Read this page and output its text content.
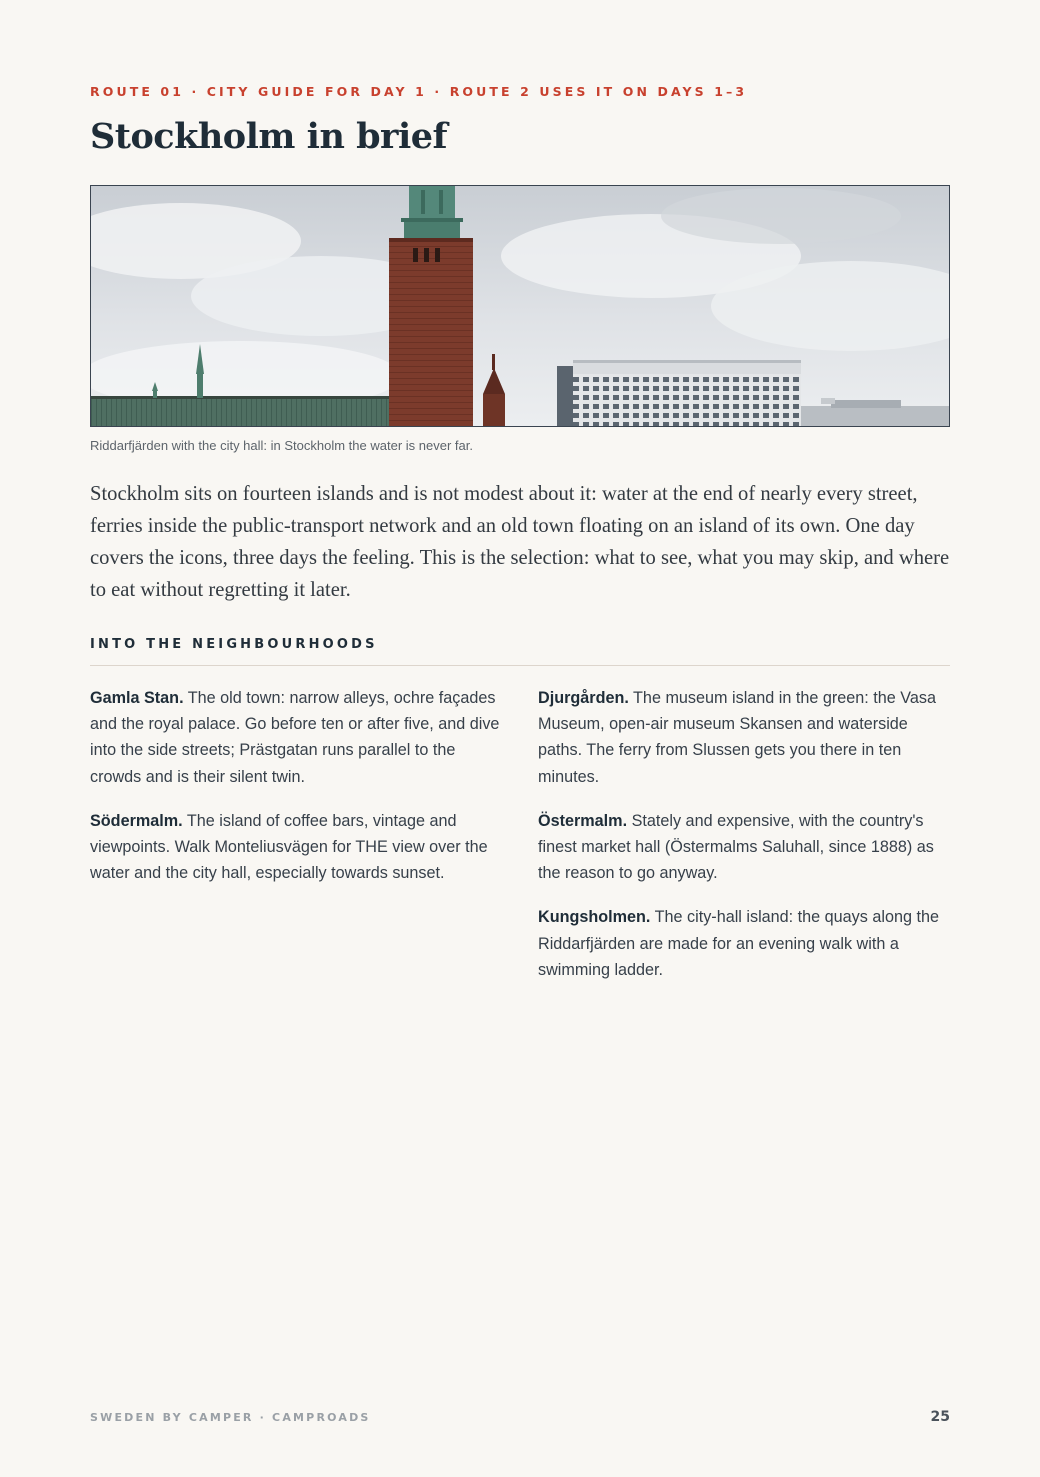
ROUTE 01 · CITY GUIDE FOR DAY 1 · ROUTE 2 USES IT ON DAYS 1–3
Stockholm in brief
Riddarfjärden with the city hall: in Stockholm the water is never far.

Stockholm sits on fourteen islands and is not modest about it: water at the end of nearly every street, ferries inside the public-transport network and an old town floating on an island of its own. One day covers the icons, three days the feeling. This is the selection: what to see, what you may skip, and where to eat without regretting it later.

INTO THE NEIGHBOURHOODS

Gamla Stan. The old town: narrow alleys, ochre façades and the royal palace. Go before ten or after five, and dive into the side streets; Prästgatan runs parallel to the crowds and is their silent twin.

Södermalm. The island of coffee bars, vintage and viewpoints. Walk Monteliusvägen for THE view over the water and the city hall, especially towards sunset.

Djurgården. The museum island in the green: the Vasa Museum, open-air museum Skansen and waterside paths. The ferry from Slussen gets you there in ten minutes.

Östermalm. Stately and expensive, with the country's finest market hall (Östermalms Saluhall, since 1888) as the reason to go anyway.

Kungsholmen. The city-hall island: the quays along the Riddarfjärden are made for an evening walk with a swimming ladder.

SWEDEN BY CAMPER · CAMPROADS	25
